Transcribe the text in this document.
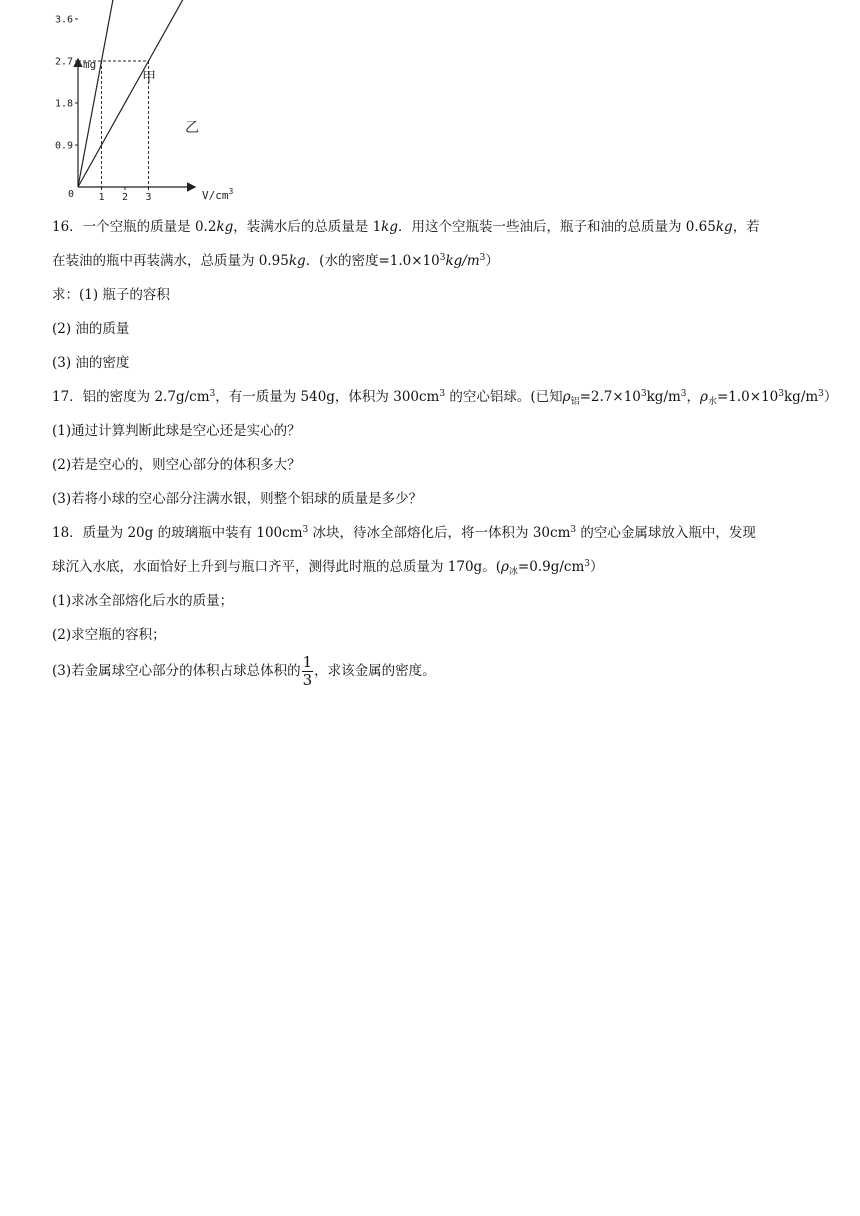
mg
$V/cm^3$
0
0.9
1.8
2.7
3.6
1 2 3
甲
乙
16．一个空瓶的质量是 0.2kg，装满水后的总质量是 1kg．用这个空瓶装一些油后，瓶子和油的总质量为 0.65kg，若
在装油的瓶中再装满水，总质量为 0.95kg．(水的密度$=1.0\times 10^3kg/m^3$）
求：(1) 瓶子的容积
(2) 油的质量
(3) 油的密度
17．铝的密度为 $2.7g/cm^3$，有一质量为 540g，体积为 $300cm^3$ 的空心铝球。(已知$\rho_铝=2.7\times 10^3kg/m^3$，$\rho_水=1.0\times 10^3kg/m^3$）
(1)通过计算判断此球是空心还是实心的？
(2)若是空心的，则空心部分的体积多大？
(3)若将小球的空心部分注满水银，则整个铝球的质量是多少？
18．质量为 20g 的玻璃瓶中装有 $100cm^3$ 冰块，待冰全部熔化后，将一体积为 $30cm^3$ 的空心金属球放入瓶中，发现
球沉入水底，水面恰好上升到与瓶口齐平，测得此时瓶的总质量为 170g。$(\rho_冰=0.9g/cm^3)$
(1)求冰全部熔化后水的质量；
(2)求空瓶的容积；
(3)若金属球空心部分的体积占球总体积的 $\frac{1}{3}$ ，求该金属的密度。
